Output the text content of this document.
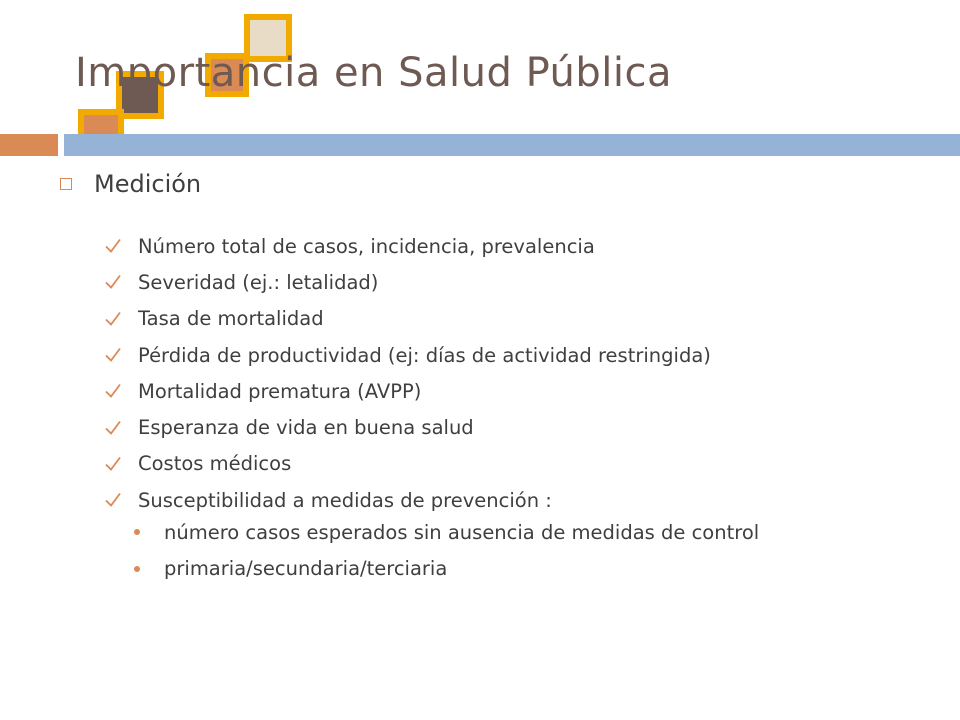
Importancia en Salud Pública
Medición
Número total de casos, incidencia, prevalencia
Severidad (ej.: letalidad)
Tasa de mortalidad
Pérdida de productividad (ej: días de actividad restringida)
Mortalidad prematura (AVPP)
Esperanza de vida en buena salud
Costos médicos
Susceptibilidad a medidas de prevención :
número casos esperados sin ausencia de medidas de control
primaria/secundaria/terciaria
